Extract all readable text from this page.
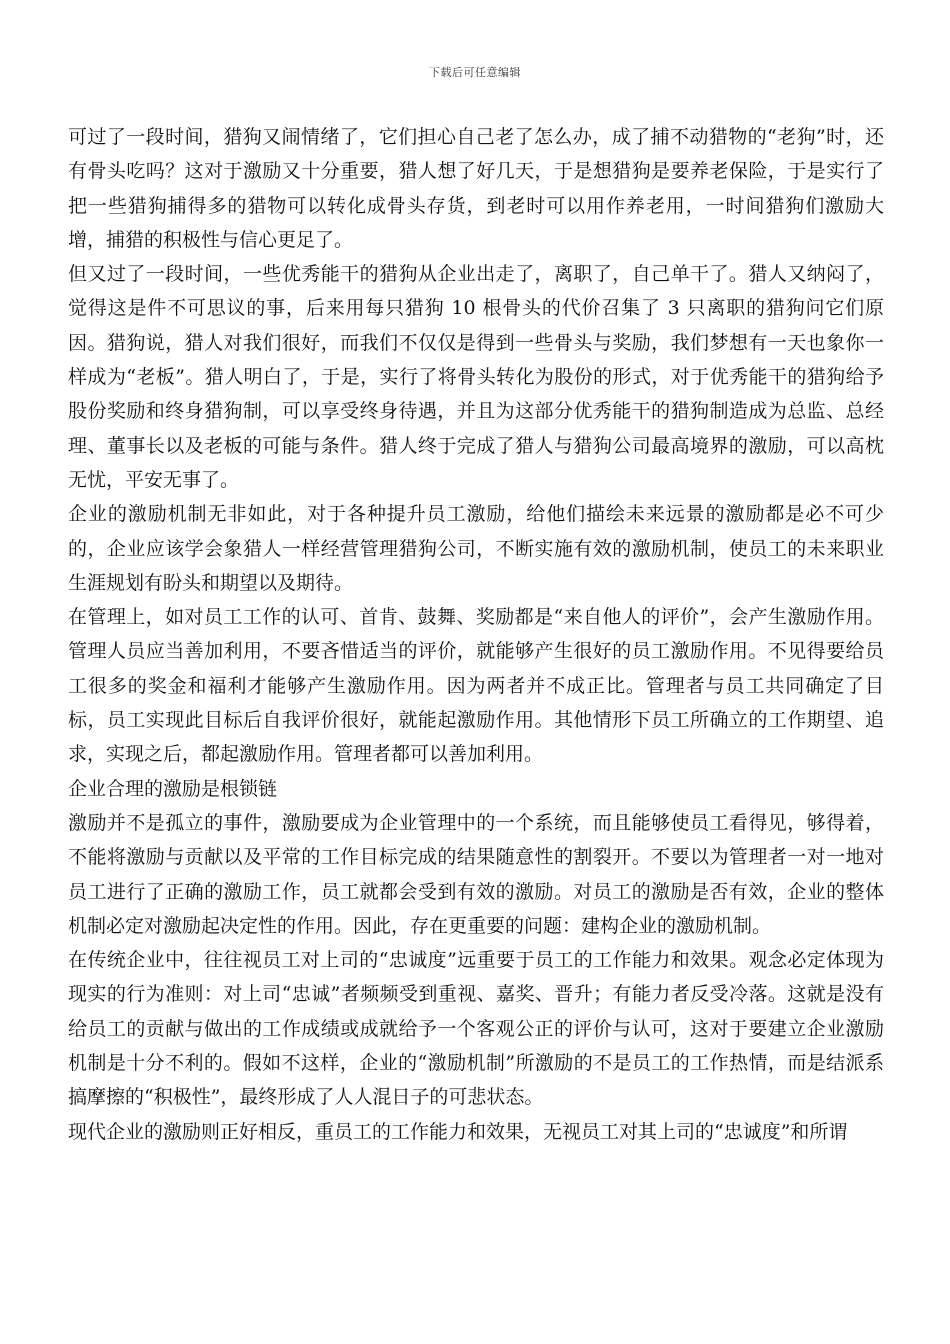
下载后可任意编辑

可过了一段时间，猎狗又闹情绪了，它们担心自己老了怎么办，成了捕不动猎物的“老狗”时，还有骨头吃吗？这对于激励又十分重要，猎人想了好几天，于是想猎狗是要养老保险，于是实行了把一些猎狗捕得多的猎物可以转化成骨头存货，到老时可以用作养老用，一时间猎狗们激励大增，捕猎的积极性与信心更足了。

但又过了一段时间，一些优秀能干的猎狗从企业出走了，离职了，自己单干了。猎人又纳闷了，觉得这是件不可思议的事，后来用每只猎狗 10 根骨头的代价召集了 3 只离职的猎狗问它们原因。猎狗说，猎人对我们很好，而我们不仅仅是得到一些骨头与奖励，我们梦想有一天也象你一样成为“老板”。猎人明白了，于是，实行了将骨头转化为股份的形式，对于优秀能干的猎狗给予股份奖励和终身猎狗制，可以享受终身待遇，并且为这部分优秀能干的猎狗制造成为总监、总经理、董事长以及老板的可能与条件。猎人终于完成了猎人与猎狗公司最高境界的激励，可以高枕无忧，平安无事了。

企业的激励机制无非如此，对于各种提升员工激励，给他们描绘未来远景的激励都是必不可少的，企业应该学会象猎人一样经营管理猎狗公司，不断实施有效的激励机制，使员工的未来职业生涯规划有盼头和期望以及期待。

在管理上，如对员工工作的认可、首肯、鼓舞、奖励都是“来自他人的评价”，会产生激励作用。管理人员应当善加利用，不要吝惜适当的评价，就能够产生很好的员工激励作用。不见得要给员工很多的奖金和福利才能够产生激励作用。因为两者并不成正比。管理者与员工共同确定了目标，员工实现此目标后自我评价很好，就能起激励作用。其他情形下员工所确立的工作期望、追求，实现之后，都起激励作用。管理者都可以善加利用。

企业合理的激励是根锁链

激励并不是孤立的事件，激励要成为企业管理中的一个系统，而且能够使员工看得见，够得着，不能将激励与贡献以及平常的工作目标完成的结果随意性的割裂开。不要以为管理者一对一地对员工进行了正确的激励工作，员工就都会受到有效的激励。对员工的激励是否有效，企业的整体机制必定对激励起决定性的作用。因此，存在更重要的问题：建构企业的激励机制。

在传统企业中，往往视员工对上司的“忠诚度”远重要于员工的工作能力和效果。观念必定体现为现实的行为准则：对上司“忠诚”者频频受到重视、嘉奖、晋升；有能力者反受冷落。这就是没有给员工的贡献与做出的工作成绩或成就给予一个客观公正的评价与认可，这对于要建立企业激励机制是十分不利的。假如不这样，企业的“激励机制”所激励的不是员工的工作热情，而是结派系搞摩擦的“积极性”，最终形成了人人混日子的可悲状态。

现代企业的激励则正好相反，重员工的工作能力和效果，无视员工对其上司的“忠诚度”和所谓
